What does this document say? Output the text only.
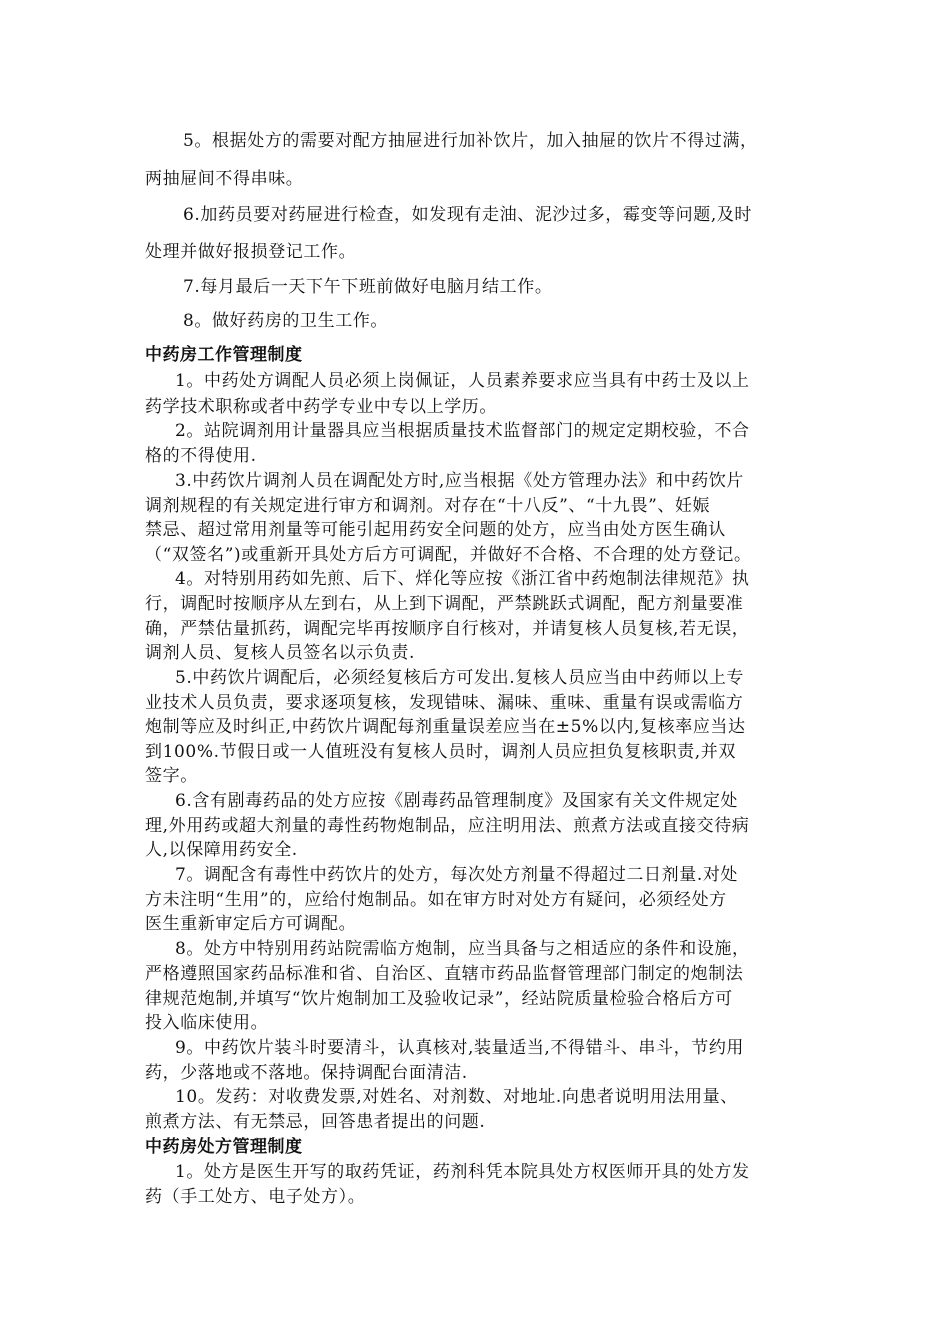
5。根据处方的需要对配方抽屉进行加补饮片，加入抽屉的饮片不得过满，
两抽屉间不得串味。
6.加药员要对药屉进行检查，如发现有走油、泥沙过多，霉变等问题,及时
处理并做好报损登记工作。
7.每月最后一天下午下班前做好电脑月结工作。
8。做好药房的卫生工作。
中药房工作管理制度
1。中药处方调配人员必须上岗佩证，人员素养要求应当具有中药士及以上
药学技术职称或者中药学专业中专以上学历。
2。站院调剂用计量器具应当根据质量技术监督部门的规定定期校验，不合
格的不得使用.
3.中药饮片调剂人员在调配处方时,应当根据《处方管理办法》和中药饮片
调剂规程的有关规定进行审方和调剂。对存在“十八反”、“十九畏”、妊娠
禁忌、超过常用剂量等可能引起用药安全问题的处方，应当由处方医生确认
（“双签名”)或重新开具处方后方可调配，并做好不合格、不合理的处方登记。
4。对特别用药如先煎、后下、烊化等应按《浙江省中药炮制法律规范》执
行，调配时按顺序从左到右，从上到下调配，严禁跳跃式调配，配方剂量要准
确，严禁估量抓药，调配完毕再按顺序自行核对，并请复核人员复核,若无误，
调剂人员、复核人员签名以示负责.
5.中药饮片调配后，必须经复核后方可发出.复核人员应当由中药师以上专
业技术人员负责，要求逐项复核，发现错味、漏味、重味、重量有误或需临方
炮制等应及时纠正,中药饮片调配每剂重量误差应当在±5%以内,复核率应当达
到100%.节假日或一人值班没有复核人员时，调剂人员应担负复核职责,并双
签字。
6.含有剧毒药品的处方应按《剧毒药品管理制度》及国家有关文件规定处
理,外用药或超大剂量的毒性药物炮制品，应注明用法、煎煮方法或直接交待病
人,以保障用药安全.
7。调配含有毒性中药饮片的处方，每次处方剂量不得超过二日剂量.对处
方未注明“生用”的，应给付炮制品。如在审方时对处方有疑问，必须经处方
医生重新审定后方可调配。
8。处方中特别用药站院需临方炮制，应当具备与之相适应的条件和设施，
严格遵照国家药品标准和省、自治区、直辖市药品监督管理部门制定的炮制法
律规范炮制,并填写“饮片炮制加工及验收记录”，经站院质量检验合格后方可
投入临床使用。
9。中药饮片装斗时要清斗，认真核对,装量适当,不得错斗、串斗，节约用
药，少落地或不落地。保持调配台面清洁.
10。发药：对收费发票,对姓名、对剂数、对地址.向患者说明用法用量、
煎煮方法、有无禁忌，回答患者提出的问题.
中药房处方管理制度
1。处方是医生开写的取药凭证，药剂科凭本院具处方权医师开具的处方发
药（手工处方、电子处方）。
